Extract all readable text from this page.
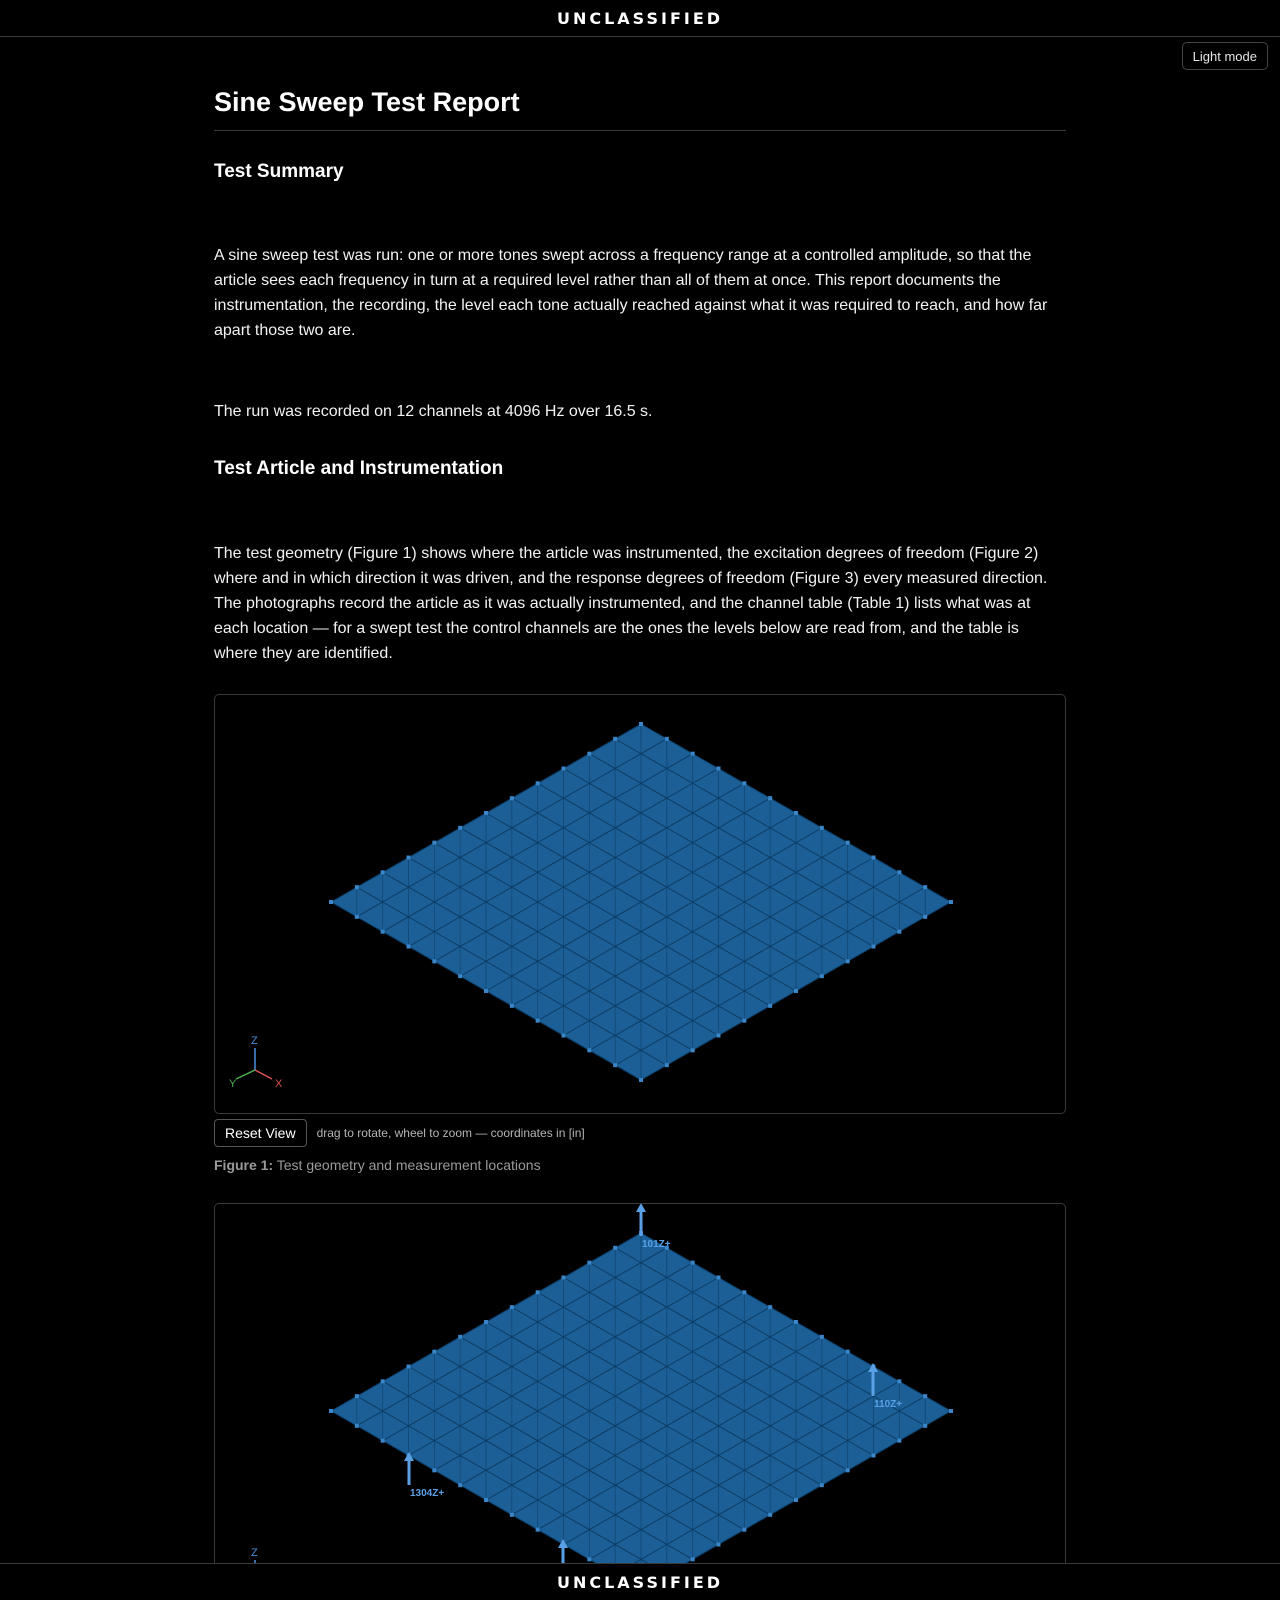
UNCLASSIFIED
Light mode
Sine Sweep Test Report
Test Summary

A sine sweep test was run: one or more tones swept across a frequency range at a controlled amplitude, so that the article sees each frequency in turn at a required level rather than all of them at once. This report documents the instrumentation, the recording, the level each tone actually reached against what it was required to reach, and how far apart those two are.

The run was recorded on 12 channels at 4096 Hz over 16.5 s.

Test Article and Instrumentation

The test geometry (Figure 1) shows where the article was instrumented, the excitation degrees of freedom (Figure 2) where and in which direction it was driven, and the response degrees of freedom (Figure 3) every measured direction. The photographs record the article as it was actually instrumented, and the channel table (Table 1) lists what was at each location — for a swept test the control channels are the ones the levels below are read from, and the table is where they are identified.

Z
X
Y
Reset View	drag to rotate, wheel to zoom — coordinates in [in]
Figure 1: Test geometry and measurement locations
101Z+
110Z+
1304Z+
Z
UNCLASSIFIED
